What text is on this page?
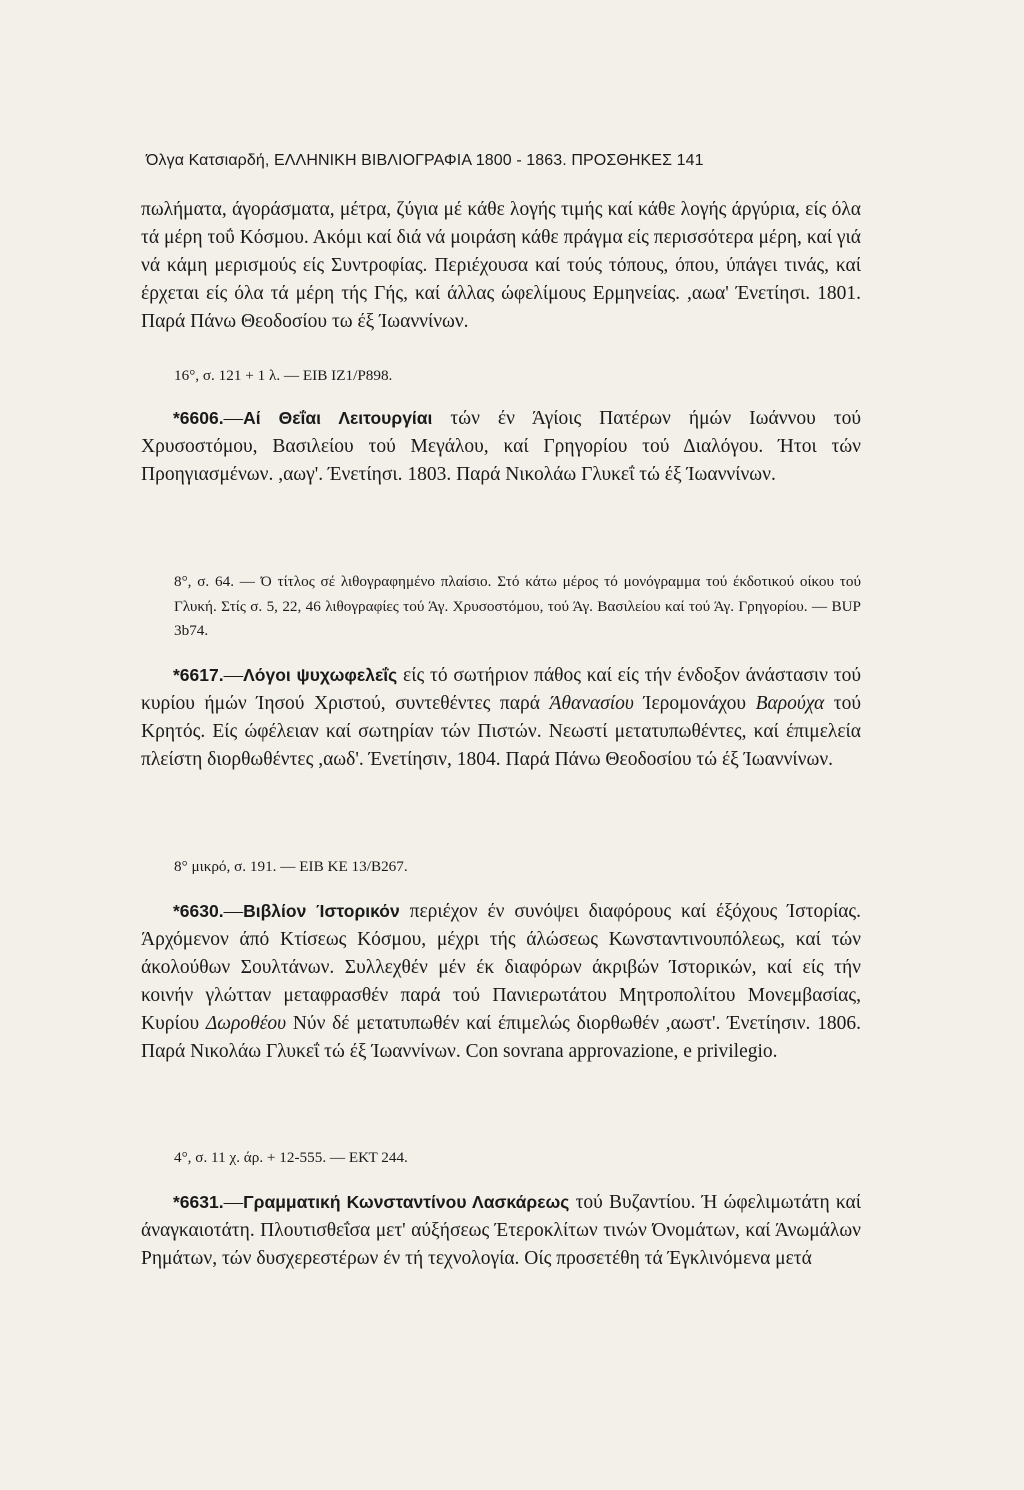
Όλγα Κατσιαρδή, ΕΛΛΗΝΙΚΗ ΒΙΒΛΙΟΓΡΑΦΙΑ 1800 - 1863. ΠΡΟΣΘΗΚΕΣ 141

πωλήματα, άγοράσματα, μέτρα, ζύγια μέ κάθε λογής τιμής καί κάθε λογής άργύρια, είς όλα τά μέρη τοΰ Κόσμου. Ακόμι καί διά νά μοιράση κάθε πράγμα είς περισσότερα μέρη, καί γιά νά κάμη μερισμούς είς Συντροφίας. Περιέχουσα καί τούς τόπους, όπου, ύπάγει τινάς, καί έρχεται είς όλα τά μέρη τής Γής, καί άλλας ώφελίμους Ερμηνείας. ,αωα' Ένετίησι. 1801. Παρά Πάνω Θεοδοσίου τω έξ Ίωαννίνων.

16°, σ. 121 + 1 λ. — ΕΙΒ ΙΖ1/Ρ898.

*6606.—Αί Θεΐαι Λειτουργίαι τών έν Άγίοις Πατέρων ήμών Ιωάννου τού Χρυσοστόμου, Βασιλείου τού Μεγάλου, καί Γρηγορίου τού Διαλόγου. Ήτοι τών Προηγιασμένων. ,αωγ'. Ένετίησι. 1803. Παρά Νικολάω Γλυκεΐ τώ έξ Ίωαννίνων.

8°, σ. 64. — Ό τίτλος σέ λιθογραφημένο πλαίσιο. Στό κάτω μέρος τό μονόγραμμα τού έκδοτικού οίκου τού Γλυκή. Στίς σ. 5, 22, 46 λιθογραφίες τού Άγ. Χρυσοστόμου, τού Άγ. Βασιλείου καί τού Άγ. Γρηγορίου. — BUP 3b74.

*6617.—Λόγοι ψυχωφελεΐς είς τό σωτήριον πάθος καί είς τήν ένδοξον άνάστασιν τού κυρίου ήμών Ίησού Χριστού, συντεθέντες παρά Άθανασίου Ίερομονάχου Βαρούχα τού Κρητός. Είς ώφέλειαν καί σωτηρίαν τών Πιστών. Νεωστί μετατυπωθέντες, καί έπιμελεία πλείστη διορθωθέντες ,αωδ'. Ένετίησιν, 1804. Παρά Πάνω Θεοδοσίου τώ έξ Ίωαννίνων.

8° μικρό, σ. 191. — ΕΙΒ ΚΕ 13/Β267.

*6630.—Βιβλίον Ίστορικόν περιέχον έν συνόψει διαφόρους καί έξόχους Ίστορίας. Άρχόμενον άπό Κτίσεως Κόσμου, μέχρι τής άλώσεως Κωνσταντινουπόλεως, καί τών άκολούθων Σουλτάνων. Συλλεχθέν μέν έκ διαφόρων άκριβών Ίστορικών, καί είς τήν κοινήν γλώτταν μεταφρασθέν παρά τού Πανιερωτάτου Μητροπολίτου Μονεμβασίας, Κυρίου Δωροθέου Νύν δέ μετατυπωθέν καί έπιμελώς διορθωθέν ,αωστ'. Ένετίησιν. 1806. Παρά Νικολάω Γλυκεΐ τώ έξ Ίωαννίνων. Con sovrana approvazione, e privilegio.

4°, σ. 11 χ. άρ. + 12-555. — ΕΚΤ 244.

*6631.—Γραμματική Κωνσταντίνου Λασκάρεως τού Βυζαντίου. Ή ώφελιμωτάτη καί άναγκαιοτάτη. Πλουτισθεΐσα μετ' αύξήσεως Έτεροκλίτων τινών Όνομάτων, καί Άνωμάλων Ρημάτων, τών δυσχερεστέρων έν τή τεχνολογία. Οίς προσετέθη τά Έγκλινόμενα μετά
